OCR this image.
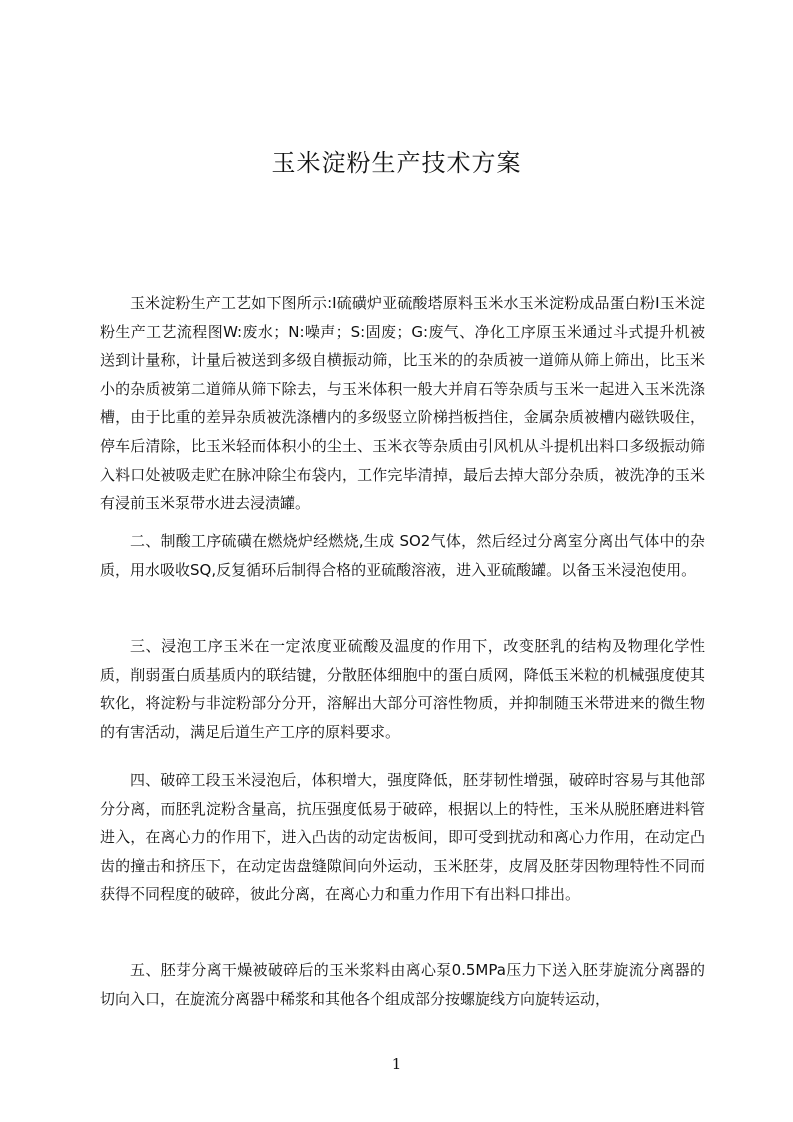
玉米淀粉生产技术方案

玉米淀粉生产工艺如下图所示:I硫磺炉亚硫酸塔原料玉米水玉米淀粉成品蛋白粉I玉米淀粉生产工艺流程图W:废水；N:噪声；S:固废；G:废气、净化工序原玉米通过斗式提升机被送到计量称，计量后被送到多级自横振动筛，比玉米的的杂质被一道筛从筛上筛出，比玉米小的杂质被第二道筛从筛下除去，与玉米体积一般大并肩石等杂质与玉米一起进入玉米洗涤槽，由于比重的差异杂质被洗涤槽内的多级竖立阶梯挡板挡住，金属杂质被槽内磁铁吸住，停车后清除，比玉米轻而体积小的尘土、玉米衣等杂质由引风机从斗提机出料口多级振动筛入料口处被吸走贮在脉冲除尘布袋内，工作完毕清掉，最后去掉大部分杂质，被洗净的玉米有浸前玉米泵带水进去浸渍罐。

二、制酸工序硫磺在燃烧炉经燃烧,生成 SO2气体，然后经过分离室分离出气体中的杂质，用水吸收SQ,反复循环后制得合格的亚硫酸溶液，进入亚硫酸罐。以备玉米浸泡使用。

三、浸泡工序玉米在一定浓度亚硫酸及温度的作用下，改变胚乳的结构及物理化学性质，削弱蛋白质基质内的联结键，分散胚体细胞中的蛋白质网，降低玉米粒的机械强度使其软化，将淀粉与非淀粉部分分开，溶解出大部分可溶性物质，并抑制随玉米带进来的微生物的有害活动，满足后道生产工序的原料要求。

四、破碎工段玉米浸泡后，体积增大，强度降低，胚芽韧性增强，破碎时容易与其他部分分离，而胚乳淀粉含量高，抗压强度低易于破碎，根据以上的特性，玉米从脱胚磨进料管进入，在离心力的作用下，进入凸齿的动定齿板间，即可受到扰动和离心力作用，在动定凸齿的撞击和挤压下，在动定齿盘缝隙间向外运动，玉米胚芽，皮屑及胚芽因物理特性不同而获得不同程度的破碎，彼此分离，在离心力和重力作用下有出料口排出。

五、胚芽分离干燥被破碎后的玉米浆料由离心泵0.5MPa压力下送入胚芽旋流分离器的切向入口，在旋流分离器中稀浆和其他各个组成部分按螺旋线方向旋转运动，

1
